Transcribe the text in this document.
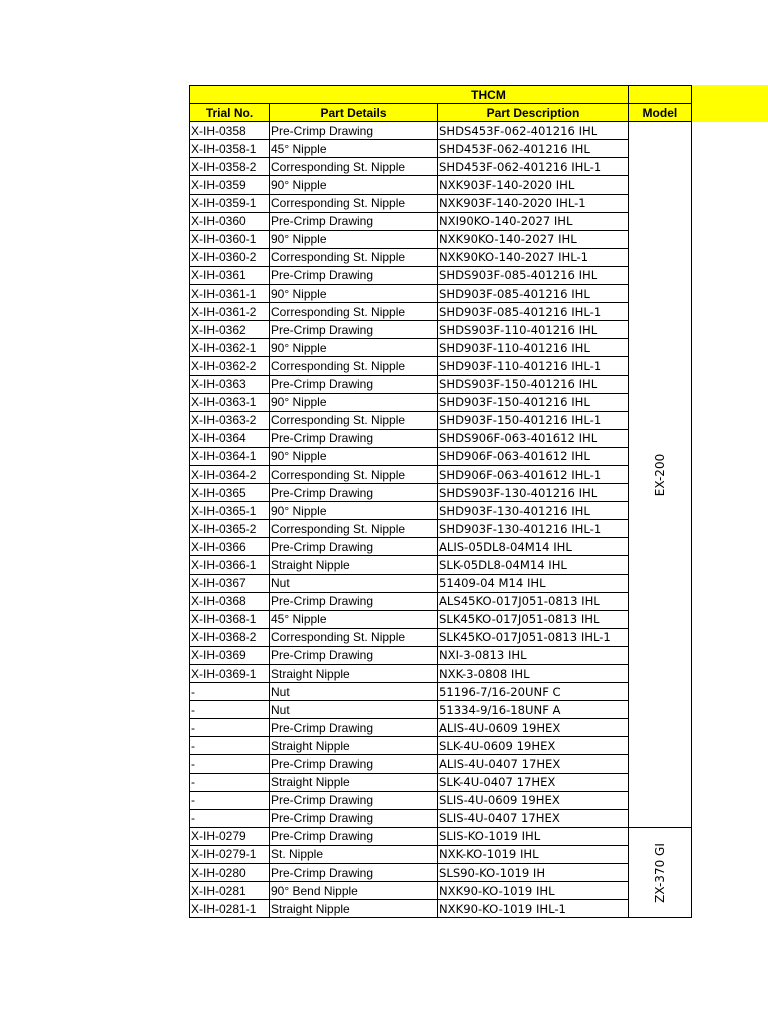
THCM			
Trial No.	Part Details	Part Description	Model
X-IH-0358	Pre-Crimp Drawing	SHDS453F-062-401216 IHL	EX-200
X-IH-0358-1	45° Nipple	SHD453F-062-401216 IHL	
X-IH-0358-2	Corresponding St. Nipple	SHD453F-062-401216 IHL-1	
X-IH-0359	90° Nipple	NXK903F-140-2020 IHL	
X-IH-0359-1	Corresponding St. Nipple	NXK903F-140-2020 IHL-1	
X-IH-0360	Pre-Crimp Drawing	NXI90KO-140-2027 IHL	
X-IH-0360-1	90° Nipple	NXK90KO-140-2027 IHL	
X-IH-0360-2	Corresponding St. Nipple	NXK90KO-140-2027 IHL-1	
X-IH-0361	Pre-Crimp Drawing	SHDS903F-085-401216 IHL	
X-IH-0361-1	90° Nipple	SHD903F-085-401216 IHL	
X-IH-0361-2	Corresponding St. Nipple	SHD903F-085-401216 IHL-1	
X-IH-0362	Pre-Crimp Drawing	SHDS903F-110-401216 IHL	
X-IH-0362-1	90° Nipple	SHD903F-110-401216 IHL	
X-IH-0362-2	Corresponding St. Nipple	SHD903F-110-401216 IHL-1	
X-IH-0363	Pre-Crimp Drawing	SHDS903F-150-401216 IHL	
X-IH-0363-1	90° Nipple	SHD903F-150-401216 IHL	
X-IH-0363-2	Corresponding St. Nipple	SHD903F-150-401216 IHL-1	
X-IH-0364	Pre-Crimp Drawing	SHDS906F-063-401612 IHL	
X-IH-0364-1	90° Nipple	SHD906F-063-401612 IHL	
X-IH-0364-2	Corresponding St. Nipple	SHD906F-063-401612 IHL-1	
X-IH-0365	Pre-Crimp Drawing	SHDS903F-130-401216 IHL	
X-IH-0365-1	90° Nipple	SHD903F-130-401216 IHL	
X-IH-0365-2	Corresponding St. Nipple	SHD903F-130-401216 IHL-1	
X-IH-0366	Pre-Crimp Drawing	ALIS-05DL8-04M14 IHL	
X-IH-0366-1	Straight Nipple	SLK-05DL8-04M14 IHL	
X-IH-0367	Nut	51409-04 M14 IHL	
X-IH-0368	Pre-Crimp Drawing	ALS45KO-017J051-0813 IHL	
X-IH-0368-1	45° Nipple	SLK45KO-017J051-0813 IHL	
X-IH-0368-2	Corresponding St. Nipple	SLK45KO-017J051-0813 IHL-1	
X-IH-0369	Pre-Crimp Drawing	NXI-3-0813 IHL	
X-IH-0369-1	Straight Nipple	NXK-3-0808 IHL	
-	Nut	51196-7/16-20UNF C	
-	Nut	51334-9/16-18UNF A	
-	Pre-Crimp Drawing	ALIS-4U-0609 19HEX	
-	Straight Nipple	SLK-4U-0609 19HEX	
-	Pre-Crimp Drawing	ALIS-4U-0407 17HEX	
-	Straight Nipple	SLK-4U-0407 17HEX	
-	Pre-Crimp Drawing	SLIS-4U-0609 19HEX	
-	Pre-Crimp Drawing	SLIS-4U-0407 17HEX	
X-IH-0279	Pre-Crimp Drawing	SLIS-KO-1019 IHL	ZX-370 GI
X-IH-0279-1	St. Nipple	NXK-KO-1019 IHL	
X-IH-0280	Pre-Crimp Drawing	SLS90-KO-1019 IH	
X-IH-0281	90° Bend Nipple	NXK90-KO-1019 IHL	
X-IH-0281-1	Straight Nipple	NXK90-KO-1019 IHL-1	
